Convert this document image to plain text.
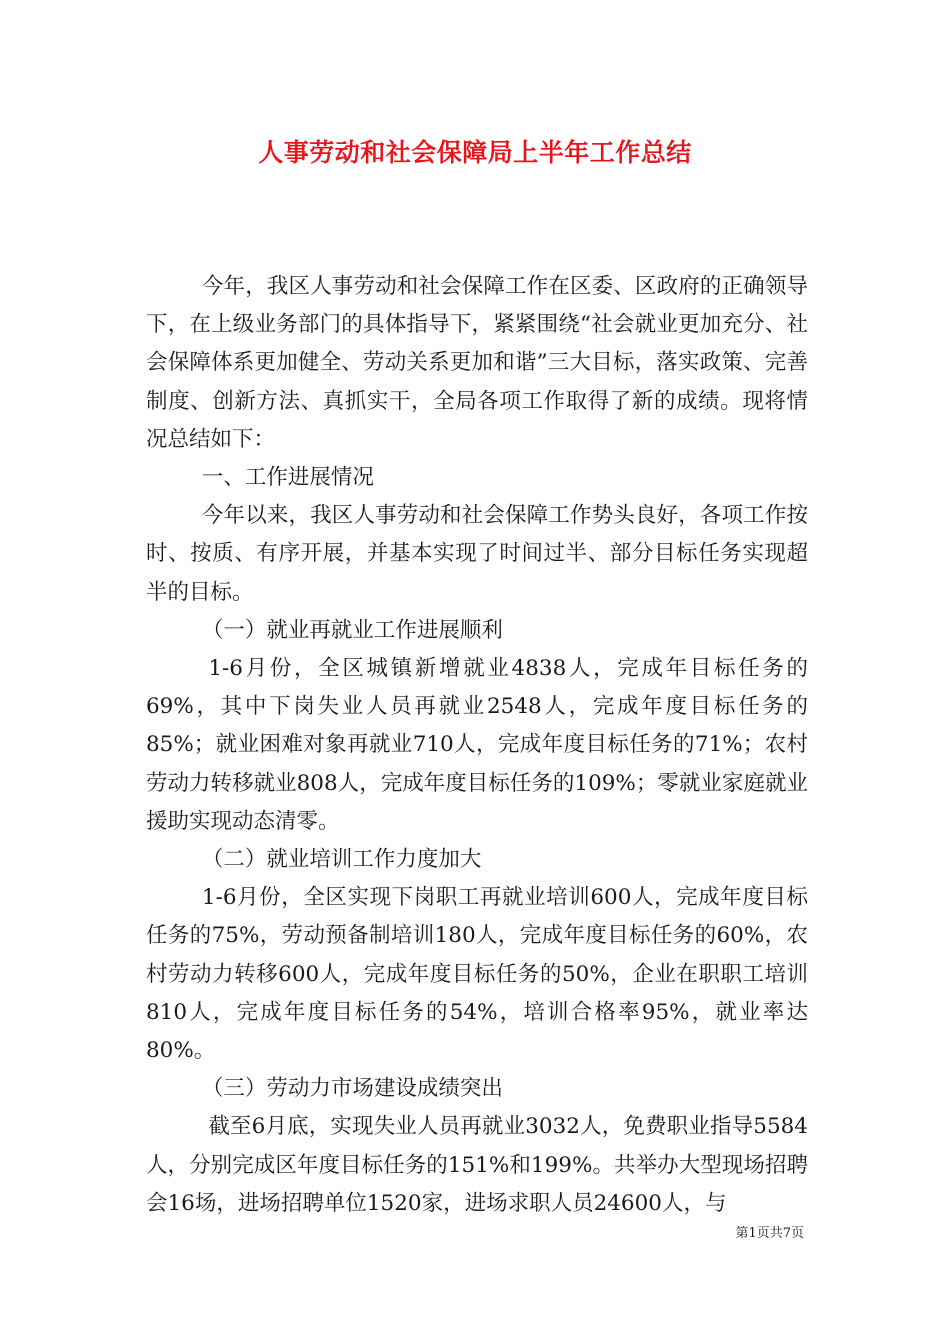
人事劳动和社会保障局上半年工作总结

今年，我区人事劳动和社会保障工作在区委、区政府的正确领导下，在上级业务部门的具体指导下，紧紧围绕“社会就业更加充分、社会保障体系更加健全、劳动关系更加和谐”三大目标，落实政策、完善制度、创新方法、真抓实干，全局各项工作取得了新的成绩。现将情况总结如下：

一、工作进展情况

今年以来，我区人事劳动和社会保障工作势头良好，各项工作按时、按质、有序开展，并基本实现了时间过半、部分目标任务实现超半的目标。

（一）就业再就业工作进展顺利

1-6月份，全区城镇新增就业4838人，完成年目标任务的69%，其中下岗失业人员再就业2548人，完成年度目标任务的85%；就业困难对象再就业710人，完成年度目标任务的71%；农村劳动力转移就业808人，完成年度目标任务的109%；零就业家庭就业援助实现动态清零。

（二）就业培训工作力度加大

1-6月份，全区实现下岗职工再就业培训600人，完成年度目标任务的75%，劳动预备制培训180人，完成年度目标任务的60%，农村劳动力转移600人，完成年度目标任务的50%，企业在职职工培训810人，完成年度目标任务的54%，培训合格率95%，就业率达80%。

（三）劳动力市场建设成绩突出

截至6月底，实现失业人员再就业3032人，免费职业指导5584人，分别完成区年度目标任务的151%和199%。共举办大型现场招聘会16场，进场招聘单位1520家，进场求职人员24600人，与

第1页共7页
